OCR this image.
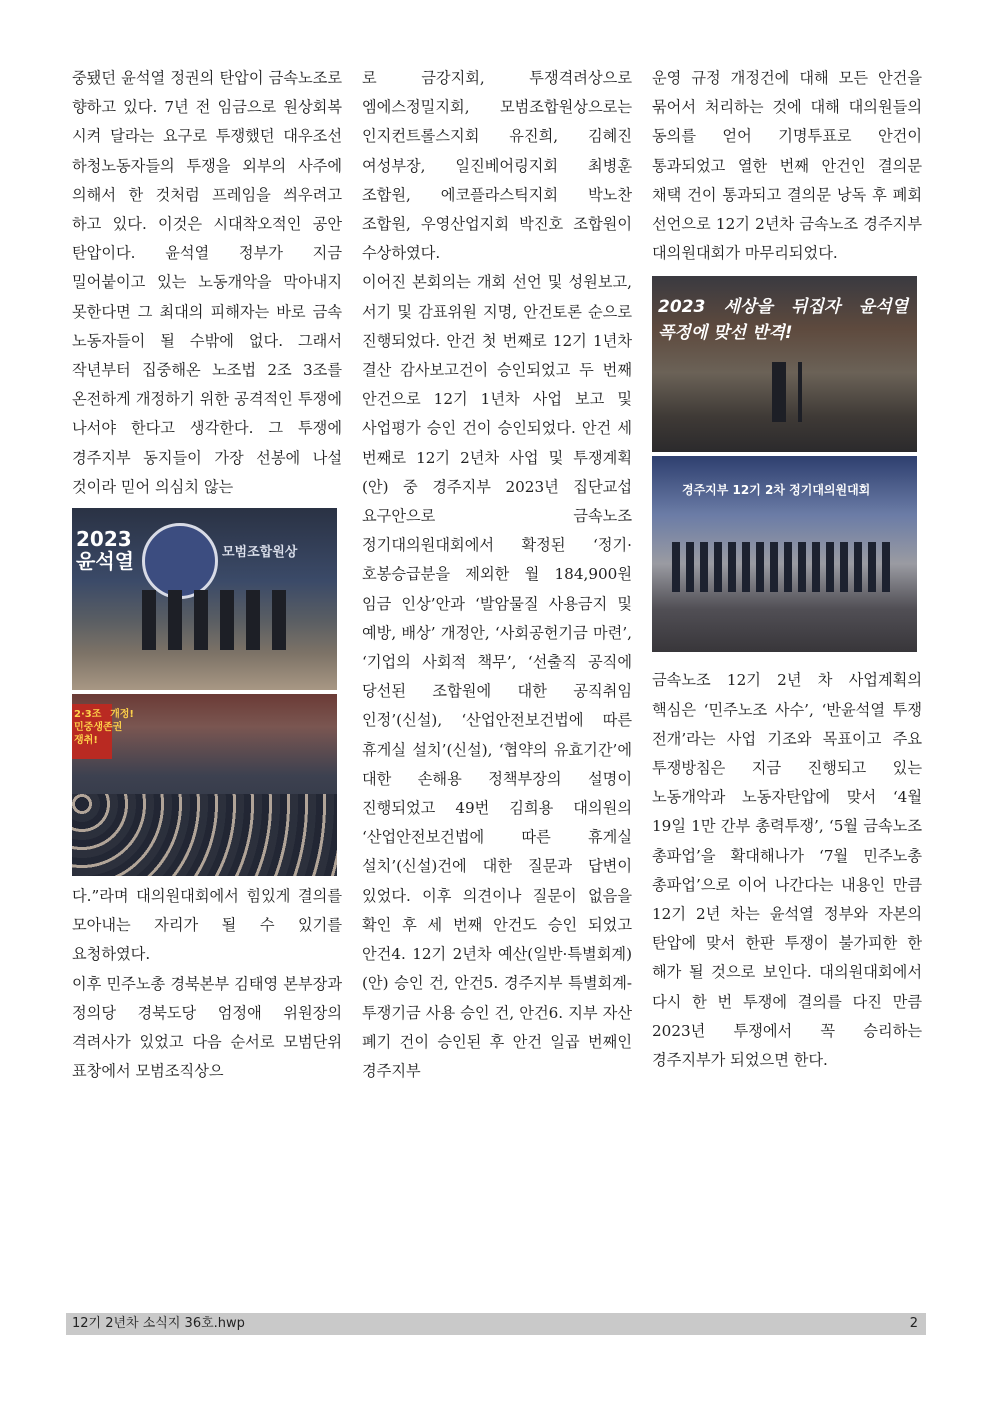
중됐던 윤석열 정권의 탄압이 금속노조로 향하고 있다. 7년 전 임금으로 원상회복 시켜 달라는 요구로 투쟁했던 대우조선 하청노동자들의 투쟁을 외부의 사주에 의해서 한 것처럼 프레임을 씌우려고 하고 있다. 이것은 시대착오적인 공안 탄압이다. 윤석열 정부가 지금 밀어붙이고 있는 노동개악을 막아내지 못한다면 그 최대의 피해자는 바로 금속 노동자들이 될 수밖에 없다. 그래서 작년부터 집중해온 노조법 2조 3조를 온전하게 개정하기 위한 공격적인 투쟁에 나서야 한다고 생각한다. 그 투쟁에 경주지부 동지들이 가장 선봉에 나설 것이라 믿어 의심치 않는

모범조합원상
2023 윤석열
2·3조 개정! 민중생존권 쟁취!

다.”라며 대의원대회에서 힘있게 결의를 모아내는 자리가 될 수 있기를 요청하였다.

이후 민주노총 경북본부 김태영 본부장과 정의당 경북도당 엄정애 위원장의 격려사가 있었고 다음 순서로 모범단위 표창에서 모범조직상으

로 금강지회, 투쟁격려상으로 엠에스정밀지회, 모범조합원상으로는 인지컨트롤스지회 유진희, 김혜진 여성부장, 일진베어링지회 최병훈 조합원, 에코플라스틱지회 박노찬 조합원, 우영산업지회 박진호 조합원이 수상하였다.

이어진 본회의는 개회 선언 및 성원보고, 서기 및 감표위원 지명, 안건토론 순으로 진행되었다. 안건 첫 번째로 12기 1년차 결산 감사보고건이 승인되었고 두 번째 안건으로 12기 1년차 사업 보고 및 사업평가 승인 건이 승인되었다. 안건 세 번째로 12기 2년차 사업 및 투쟁계획(안) 중 경주지부 2023년 집단교섭 요구안으로 금속노조 정기대의원대회에서 확정된 ‘정기·호봉승급분을 제외한 월 184,900원 임금 인상’안과 ‘발암물질 사용금지 및 예방, 배상’ 개정안, ‘사회공헌기금 마련’, ‘기업의 사회적 책무’, ‘선출직 공직에 당선된 조합원에 대한 공직취임 인정’(신설), ‘산업안전보건법에 따른 휴게실 설치’(신설), ‘협약의 유효기간’에 대한 손해용 정책부장의 설명이 진행되었고 49번 김희용 대의원의 ‘산업안전보건법에 따른 휴게실 설치’(신설)건에 대한 질문과 답변이 있었다. 이후 의견이나 질문이 없음을 확인 후 세 번째 안건도 승인 되었고 안건4. 12기 2년차 예산(일반·특별회계)(안) 승인 건, 안건5. 경주지부 특별회계-투쟁기금 사용 승인 건, 안건6. 지부 자산 폐기 건이 승인된 후 안건 일곱 번째인 경주지부

운영 규정 개정건에 대해 모든 안건을 묶어서 처리하는 것에 대해 대의원들의 동의를 얻어 기명투표로 안건이 통과되었고 열한 번째 안건인 결의문 채택 건이 통과되고 결의문 낭독 후 폐회 선언으로 12기 2년차 금속노조 경주지부 대의원대회가 마무리되었다.

2023 세상을 뒤집자 윤석열 폭정에 맞선 반격!
경주지부 12기 2차 정기대의원대회

금속노조 12기 2년 차 사업계획의 핵심은 ‘민주노조 사수’, ‘반윤석열 투쟁 전개’라는 사업 기조와 목표이고 주요 투쟁방침은 지금 진행되고 있는 노동개악과 노동자탄압에 맞서 ‘4월 19일 1만 간부 총력투쟁’, ‘5월 금속노조 총파업’을 확대해나가 ‘7월 민주노총 총파업’으로 이어 나간다는 내용인 만큼 12기 2년 차는 윤석열 정부와 자본의 탄압에 맞서 한판 투쟁이 불가피한 한 해가 될 것으로 보인다. 대의원대회에서 다시 한 번 투쟁에 결의를 다진 만큼 2023년 투쟁에서 꼭 승리하는 경주지부가 되었으면 한다.

12기 2년차 소식지 36호.hwp	2
